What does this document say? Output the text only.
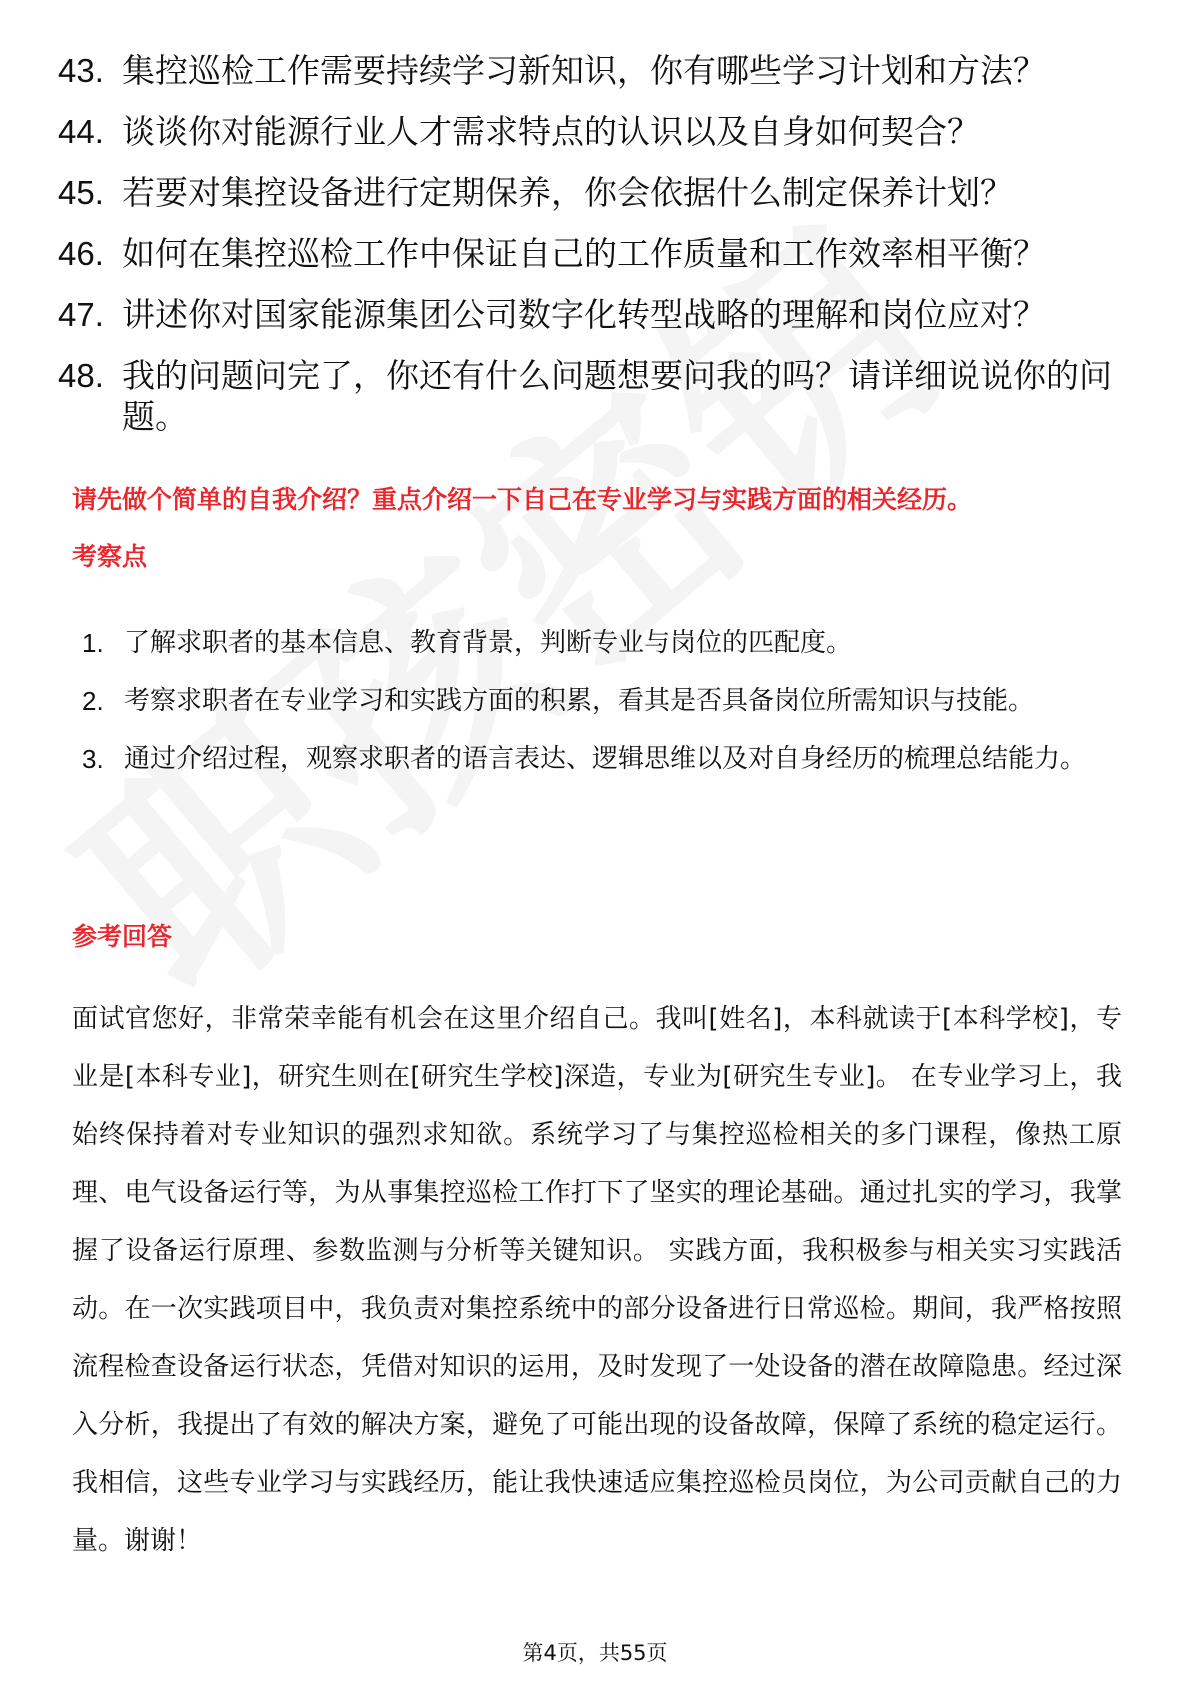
43. 集控巡检工作需要持续学习新知识，你有哪些学习计划和方法？
44. 谈谈你对能源行业人才需求特点的认识以及自身如何契合？
45. 若要对集控设备进行定期保养，你会依据什么制定保养计划？
46. 如何在集控巡检工作中保证自己的工作质量和工作效率相平衡？
47. 讲述你对国家能源集团公司数字化转型战略的理解和岗位应对？
48. 我的问题问完了，你还有什么问题想要问我的吗？请详细说说你的问题。

请先做个简单的自我介绍？重点介绍一下自己在专业学习与实践方面的相关经历。

考察点

1. 了解求职者的基本信息、教育背景，判断专业与岗位的匹配度。
2. 考察求职者在专业学习和实践方面的积累，看其是否具备岗位所需知识与技能。
3. 通过介绍过程，观察求职者的语言表达、逻辑思维以及对自身经历的梳理总结能力。

参考回答

面试官您好，非常荣幸能有机会在这里介绍自己。我叫[姓名]，本科就读于[本科学校]，专业是[本科专业]，研究生则在[研究生学校]深造，专业为[研究生专业]。 在专业学习上，我始终保持着对专业知识的强烈求知欲。系统学习了与集控巡检相关的多门课程，像热工原理、电气设备运行等，为从事集控巡检工作打下了坚实的理论基础。通过扎实的学习，我掌握了设备运行原理、参数监测与分析等关键知识。 实践方面，我积极参与相关实习实践活动。在一次实践项目中，我负责对集控系统中的部分设备进行日常巡检。期间，我严格按照流程检查设备运行状态，凭借对知识的运用，及时发现了一处设备的潜在故障隐患。经过深入分析，我提出了有效的解决方案，避免了可能出现的设备故障，保障了系统的稳定运行。我相信，这些专业学习与实践经历，能让我快速适应集控巡检员岗位，为公司贡献自己的力量。谢谢！

第4页，共55页
